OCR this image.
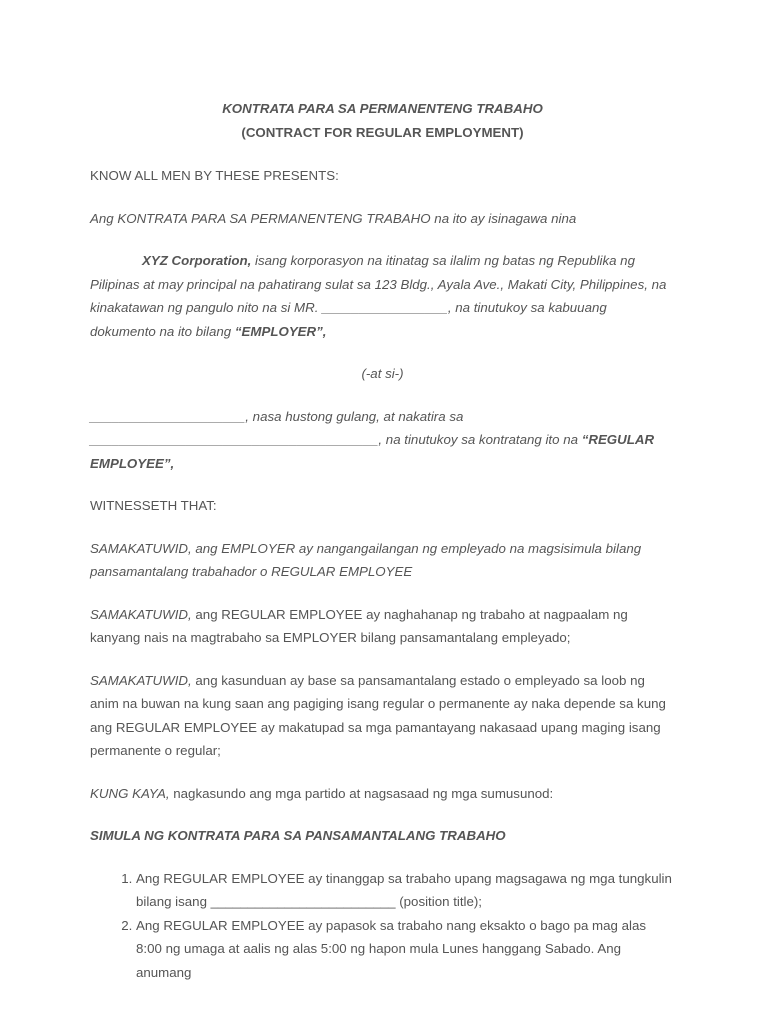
KONTRATA PARA SA PERMANENTENG TRABAHO
(CONTRACT FOR REGULAR EMPLOYMENT)

KNOW ALL MEN BY THESE PRESENTS:

Ang KONTRATA PARA SA PERMANENTENG TRABAHO na ito ay isinagawa nina

XYZ Corporation, isang korporasyon na itinatag sa ilalim ng batas ng Republika ng Pilipinas at may principal na pahatirang sulat sa 123 Bldg., Ayala Ave., Makati City, Philippines, na kinakatawan ng pangulo nito na si MR. _________________, na tinutukoy sa kabuuang dokumento na ito bilang “EMPLOYER”,

(-at si-)

_____________________, nasa hustong gulang, at nakatira sa _______________________________________, na tinutukoy sa kontratang ito na “REGULAR EMPLOYEE”,

WITNESSETH THAT:

SAMAKATUWID, ang EMPLOYER ay nangangailangan ng empleyado na magsisimula bilang pansamantalang trabahador o REGULAR EMPLOYEE

SAMAKATUWID, ang REGULAR EMPLOYEE ay naghahanap ng trabaho at nagpaalam ng kanyang nais na magtrabaho sa EMPLOYER bilang pansamantalang empleyado;

SAMAKATUWID, ang kasunduan ay base sa pansamantalang estado o empleyado sa loob ng anim na buwan na kung saan ang pagiging isang regular o permanente ay naka depende sa kung ang REGULAR EMPLOYEE ay makatupad sa mga pamantayang nakasaad upang maging isang permanente o regular;

KUNG KAYA, nagkasundo ang mga partido at nagsasaad ng mga sumusunod:

SIMULA NG KONTRATA PARA SA PANSAMANTALANG TRABAHO

1. Ang REGULAR EMPLOYEE ay tinanggap sa trabaho upang magsagawa ng mga tungkulin bilang isang _________________________ (position title);
2. Ang REGULAR EMPLOYEE ay papasok sa trabaho nang eksakto o bago pa mag alas 8:00 ng umaga at aalis ng alas 5:00 ng hapon mula Lunes hanggang Sabado. Ang anumang
